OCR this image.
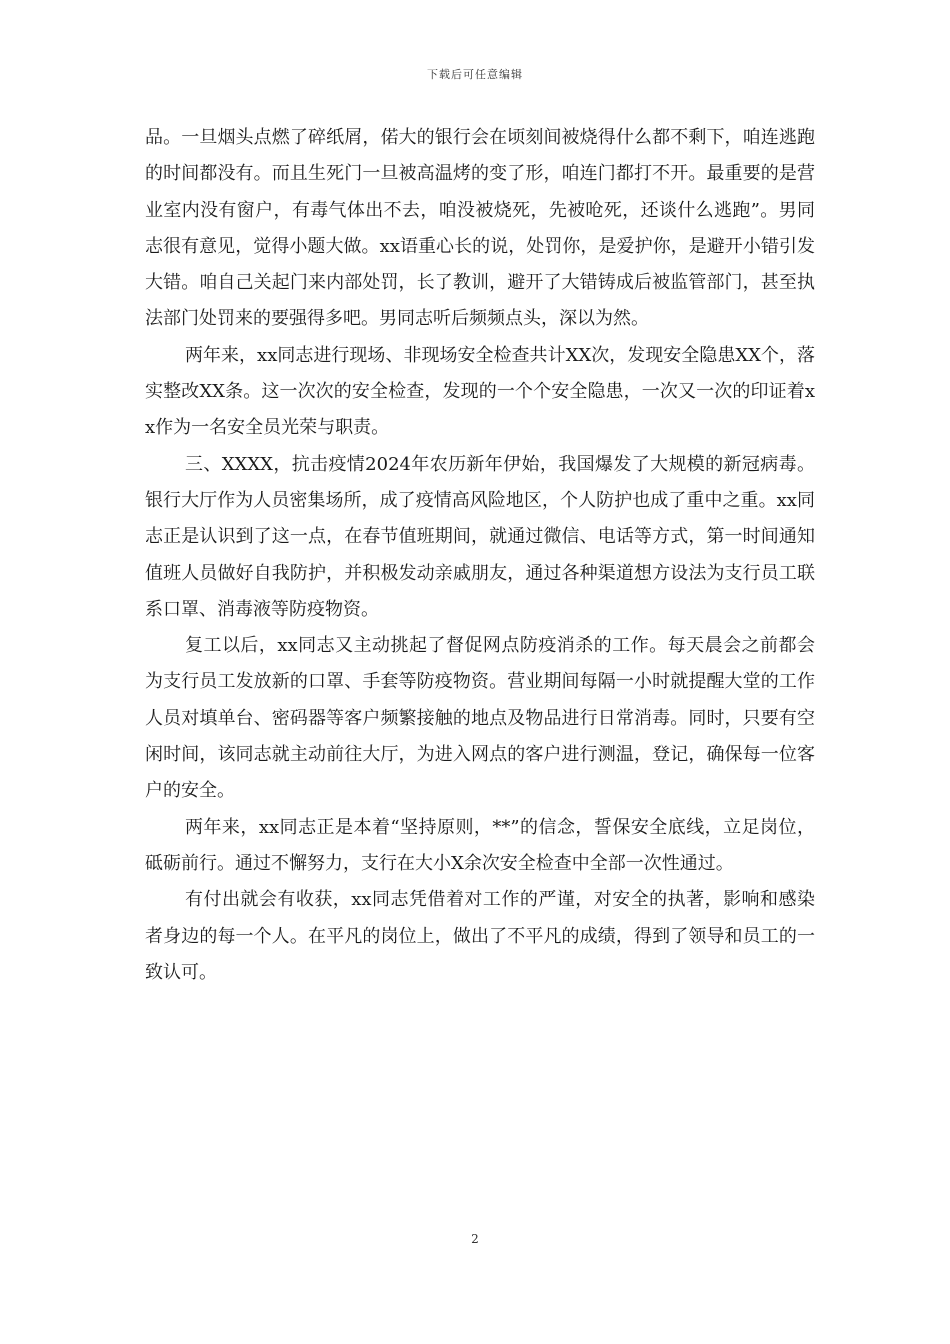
下载后可任意编辑

品。一旦烟头点燃了碎纸屑，偌大的银行会在顷刻间被烧得什么都不剩下，咱连逃跑的时间都没有。而且生死门一旦被高温烤的变了形，咱连门都打不开。最重要的是营业室内没有窗户，有毒气体出不去，咱没被烧死，先被呛死，还谈什么逃跑”。男同志很有意见，觉得小题大做。xx语重心长的说，处罚你，是爱护你，是避开小错引发大错。咱自己关起门来内部处罚，长了教训，避开了大错铸成后被监管部门，甚至执法部门处罚来的要强得多吧。男同志听后频频点头，深以为然。

两年来，xx同志进行现场、非现场安全检查共计XX次，发现安全隐患XX个，落实整改XX条。这一次次的安全检查，发现的一个个安全隐患，一次又一次的印证着xx作为一名安全员光荣与职责。

三、XXXX，抗击疫情2024年农历新年伊始，我国爆发了大规模的新冠病毒。银行大厅作为人员密集场所，成了疫情高风险地区，个人防护也成了重中之重。xx同志正是认识到了这一点，在春节值班期间，就通过微信、电话等方式，第一时间通知值班人员做好自我防护，并积极发动亲戚朋友，通过各种渠道想方设法为支行员工联系口罩、消毒液等防疫物资。

复工以后，xx同志又主动挑起了督促网点防疫消杀的工作。每天晨会之前都会为支行员工发放新的口罩、手套等防疫物资。营业期间每隔一小时就提醒大堂的工作人员对填单台、密码器等客户频繁接触的地点及物品进行日常消毒。同时，只要有空闲时间，该同志就主动前往大厅，为进入网点的客户进行测温，登记，确保每一位客户的安全。

两年来，xx同志正是本着“坚持原则，**”的信念，誓保安全底线，立足岗位，砥砺前行。通过不懈努力，支行在大小X余次安全检查中全部一次性通过。

有付出就会有收获，xx同志凭借着对工作的严谨，对安全的执著，影响和感染者身边的每一个人。在平凡的岗位上，做出了不平凡的成绩，得到了领导和员工的一致认可。

2
